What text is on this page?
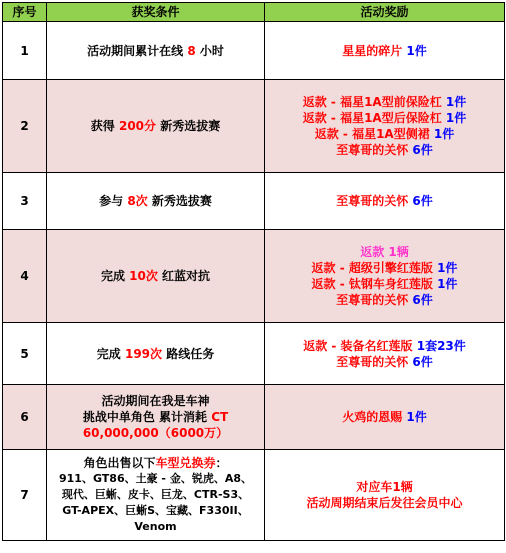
序号	获奖条件	活动奖励
1	活动期间累计在线 8 小时	星星的碎片 1件
2	获得 200分 新秀选拔赛	返款 - 福星1A型前保险杠 1件
返款 - 福星1A型后保险杠 1件
返款 - 福星1A型侧裙 1件
至尊哥的关怀 6件

3	参与 8次 新秀选拔赛	至尊哥的关怀 6件
4	完成 10次 红蓝对抗	返款 1辆
返款 - 超级引擎红莲版 1件
返款 - 钛钢车身红莲版 1件
至尊哥的关怀 6件

5	完成 199次 路线任务	返款 - 装备名红莲版 1套23件
至尊哥的关怀 6件

6	活动期间在我是车神
挑战中单角色 累计消耗 CT
60,000,000（6000万）	火鸡的恩赐 1件
7	角色出售以下车型兑换券：
911、GT86、土豪 - 金、锐虎、A8、
现代、巨蜥、皮卡、巨龙、CTR-S3、
GT-APEX、巨蜥S、宝藏、F330II、
Venom	对应车1辆
活动周期结束后发往会员中心
